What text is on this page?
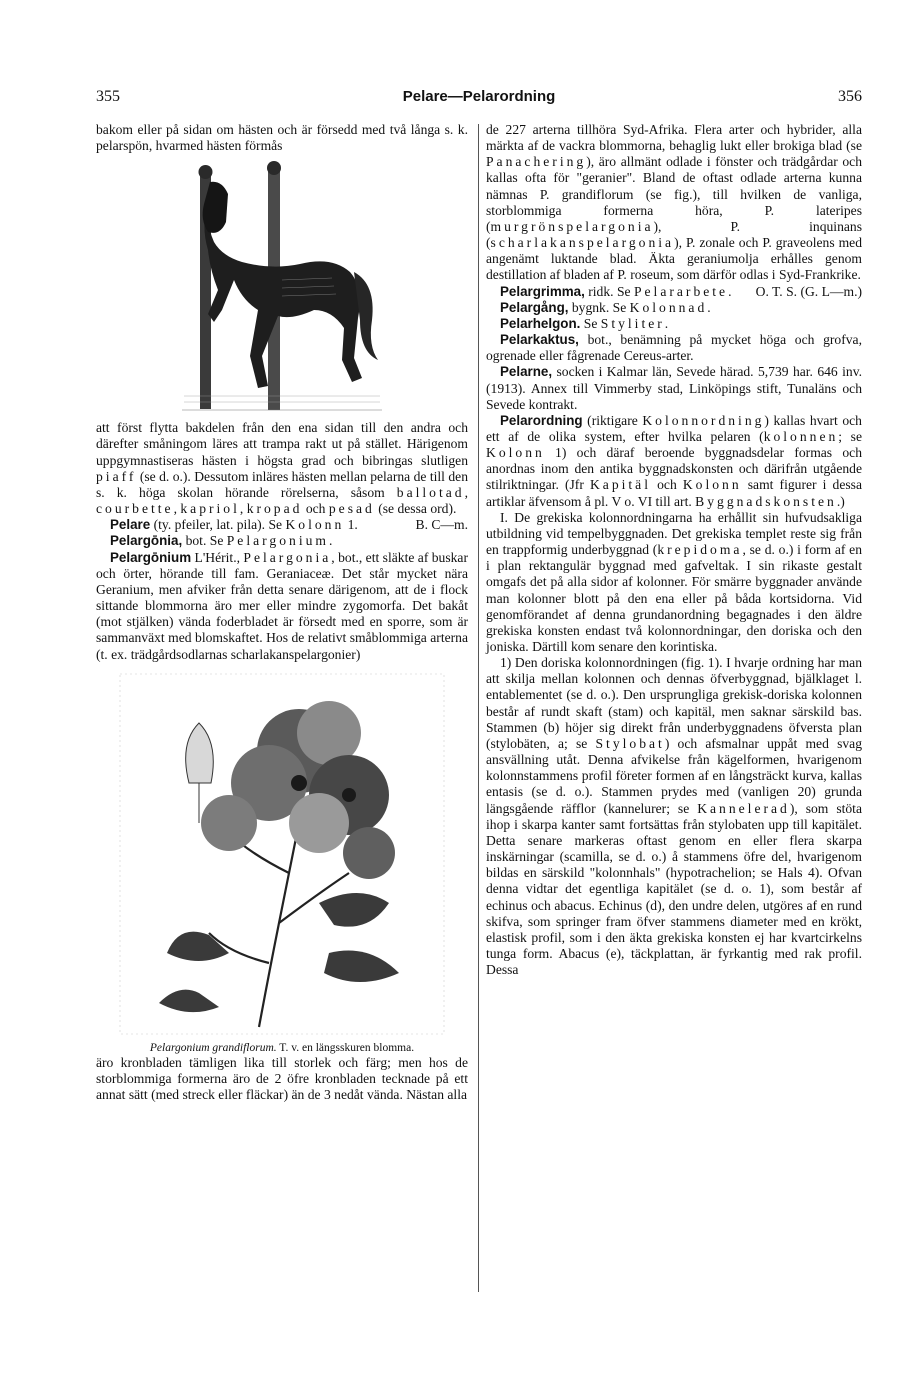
355	Pelare—Pelarordning	356

bakom eller på sidan om hästen och är försedd med två långa s. k. pelarspön, hvarmed hästen förmås

att först flytta bakdelen från den ena sidan till den andra och därefter småningom läres att trampa rakt ut på stället. Härigenom uppgymnastiseras hästen i högsta grad och bibringas slutligen piaff (se d. o.). Dessutom inläres hästen mellan pelarna de till den s. k. höga skolan hörande rörelserna, såsom ballotad, courbette, kapriol, kropad och pesad (se dessa ord).
B. C—m.

Pelare (ty. pfeiler, lat. pila). Se Kolonn 1.

Pelargōnia, bot. Se Pelargonium.

Pelargōnium L'Hérit., Pelargonia, bot., ett släkte af buskar och örter, hörande till fam. Geraniaceæ. Det står mycket nära Geranium, men afviker från detta senare därigenom, att de i flock sittande blommorna äro mer eller mindre zygomorfa. Det bakåt (mot stjälken) vända foderbladet är försedt med en sporre, som är sammanväxt med blomskaftet. Hos de relativt småblommiga arterna (t. ex. trädgårdsodlarnas scharlakanspelargonier)

Pelargonium grandiflorum. T. v. en längsskuren blomma.

äro kronbladen tämligen lika till storlek och färg; men hos de storblommiga formerna äro de 2 öfre kronbladen tecknade på ett annat sätt (med streck eller fläckar) än de 3 nedåt vända. Nästan alla

de 227 arterna tillhöra Syd-Afrika. Flera arter och hybrider, alla märkta af de vackra blommorna, behaglig lukt eller brokiga blad (se Panachering), äro allmänt odlade i fönster och trädgårdar och kallas ofta för "geranier". Bland de oftast odlade arterna kunna nämnas P. grandiflorum (se fig.), till hvilken de vanliga, storblommiga formerna höra, P. lateripes (murgrönspelargonia), P. inquinans (scharlakanspelargonia), P. zonale och P. graveolens med angenämt luktande blad. Äkta geraniumolja erhålles genom destillation af bladen af P. roseum, som därför odlas i Syd-Frankrike.
O. T. S. (G. L—m.)

Pelargrimma, ridk. Se Pelararbete.

Pelargång, bygnk. Se Kolonnad.

Pelarhelgon. Se Styliter.

Pelarkaktus, bot., benämning på mycket höga och grofva, ogrenade eller fågrenade Cereus-arter.

Pelarne, socken i Kalmar län, Sevede härad. 5,739 har. 646 inv. (1913). Annex till Vimmerby stad, Linköpings stift, Tunaläns och Sevede kontrakt.

Pelarordning (riktigare Kolonnordning) kallas hvart och ett af de olika system, efter hvilka pelaren (kolonnen; se Kolonn 1) och däraf beroende byggnadsdelar formas och anordnas inom den antika byggnadskonsten och därifrån utgående stilriktningar. (Jfr Kapitäl och Kolonn samt figurer i dessa artiklar äfvensom å pl. V o. VI till art. Byggnadskonsten.)

I. De grekiska kolonnordningarna ha erhållit sin hufvudsakliga utbildning vid tempelbyggnaden. Det grekiska templet reste sig från en trappformig underbyggnad (krepidoma, se d. o.) i form af en i plan rektangulär byggnad med gafveltak. I sin rikaste gestalt omgafs det på alla sidor af kolonner. För smärre byggnader använde man kolonner blott på den ena eller på båda kortsidorna. Vid genomförandet af denna grundanordning begagnades i den äldre grekiska konsten endast två kolonnordningar, den doriska och den joniska. Därtill kom senare den korintiska.

1) Den doriska kolonnordningen (fig. 1). I hvarje ordning har man att skilja mellan kolonnen och dennas öfverbyggnad, bjälklaget l. entablementet (se d. o.). Den ursprungliga grekisk-doriska kolonnen består af rundt skaft (stam) och kapitäl, men saknar särskild bas. Stammen (b) höjer sig direkt från underbyggnadens öfversta plan (stylobäten, a; se Stylobat) och afsmalnar uppåt med svag ansvällning utåt. Denna afvikelse från kägelformen, hvarigenom kolonnstammens profil företer formen af en långsträckt kurva, kallas entasis (se d. o.). Stammen prydes med (vanligen 20) grunda längsgående räfflor (kannelurer; se Kannelerad), som stöta ihop i skarpa kanter samt fortsättas från stylobaten upp till kapitälet. Detta senare markeras oftast genom en eller flera skarpa inskärningar (scamilla, se d. o.) å stammens öfre del, hvarigenom bildas en särskild "kolonnhals" (hypotrachelion; se Hals 4). Ofvan denna vidtar det egentliga kapitälet (se d. o. 1), som består af echinus och abacus. Echinus (d), den undre delen, utgöres af en rund skifva, som springer fram öfver stammens diameter med en krökt, elastisk profil, som i den äkta grekiska konsten ej har kvartcirkelns tunga form. Abacus (e), täckplattan, är fyrkantig med rak profil. Dessa
